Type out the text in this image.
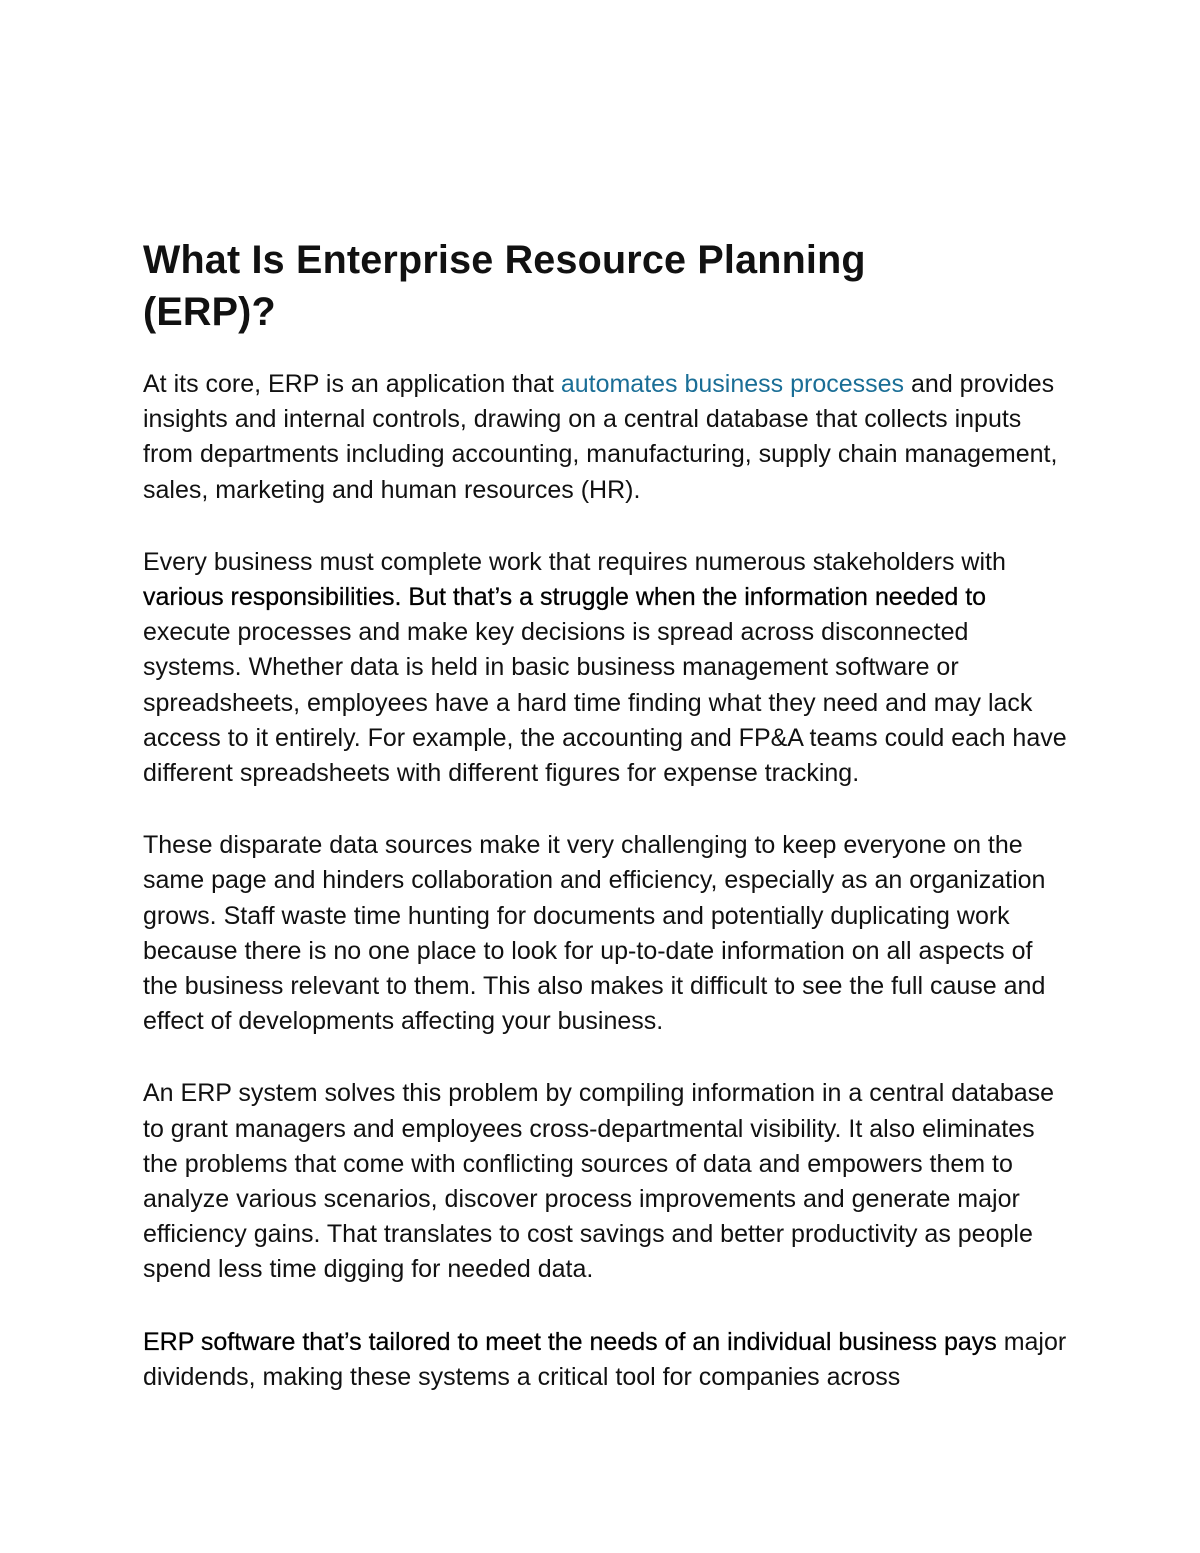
What Is Enterprise Resource Planning
(ERP)?

At its core, ERP is an application that automates business processes and provides insights and internal controls, drawing on a central database that collects inputs from departments including accounting, manufacturing, supply chain management, sales, marketing and human resources (HR).

Every business must complete work that requires numerous stakeholders with various responsibilities. But that’s a struggle when the information needed to execute processes and make key decisions is spread across disconnected systems. Whether data is held in basic business management software or spreadsheets, employees have a hard time finding what they need and may lack access to it entirely. For example, the accounting and FP&A teams could each have different spreadsheets with different figures for expense tracking.

These disparate data sources make it very challenging to keep everyone on the same page and hinders collaboration and efficiency, especially as an organization grows. Staff waste time hunting for documents and potentially duplicating work because there is no one place to look for up-to-date information on all aspects of the business relevant to them. This also makes it difficult to see the full cause and effect of developments affecting your business.

An ERP system solves this problem by compiling information in a central database to grant managers and employees cross-departmental visibility. It also eliminates the problems that come with conflicting sources of data and empowers them to analyze various scenarios, discover process improvements and generate major efficiency gains. That translates to cost savings and better productivity as people spend less time digging for needed data.

ERP software that’s tailored to meet the needs of an individual business pays major dividends, making these systems a critical tool for companies across
